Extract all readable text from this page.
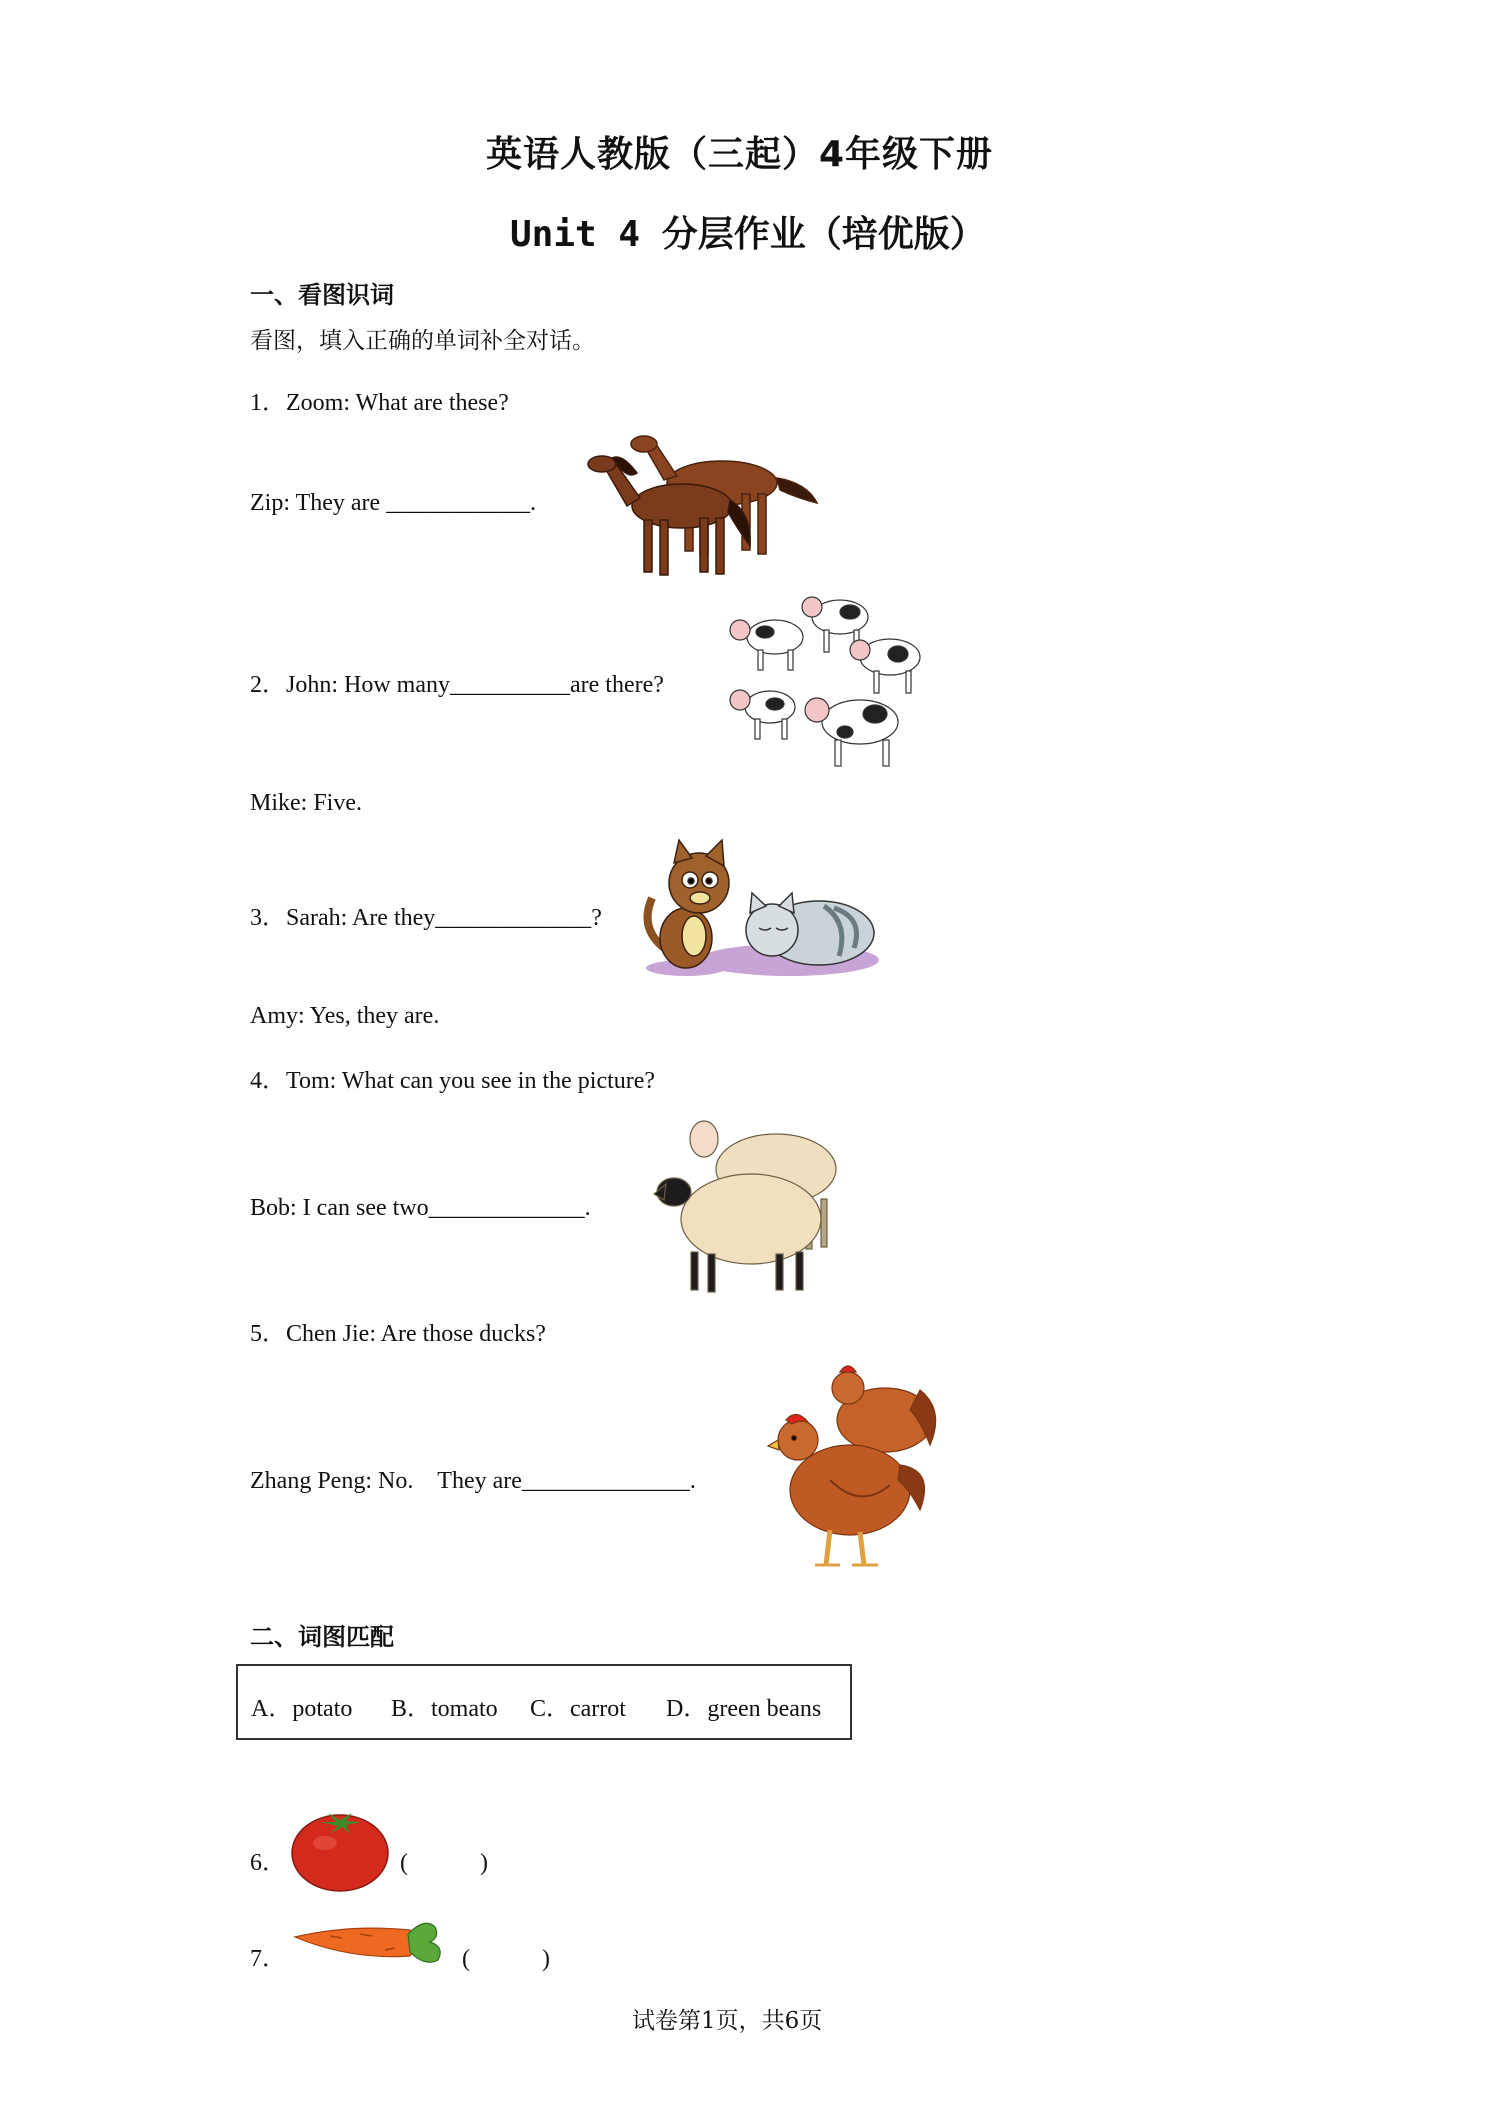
英语人教版（三起）4年级下册
Unit 4 分层作业（培优版）
一、看图识词
看图，填入正确的单词补全对话。
1．Zoom: What are these?
Zip: They are ____________.
2．John: How many__________are there?
Mike: Five.
3．Sarah: Are they_____________?
Amy: Yes, they are.
4．Tom: What can you see in the picture?
Bob: I can see two_____________.
5．Chen Jie: Are those ducks?
Zhang Peng: No.　They are______________.
二、词图匹配
A．potato B．tomato C．carrot D．green beans
6．	(　　　)
7．	(　　　)
试卷第1页，共6页
